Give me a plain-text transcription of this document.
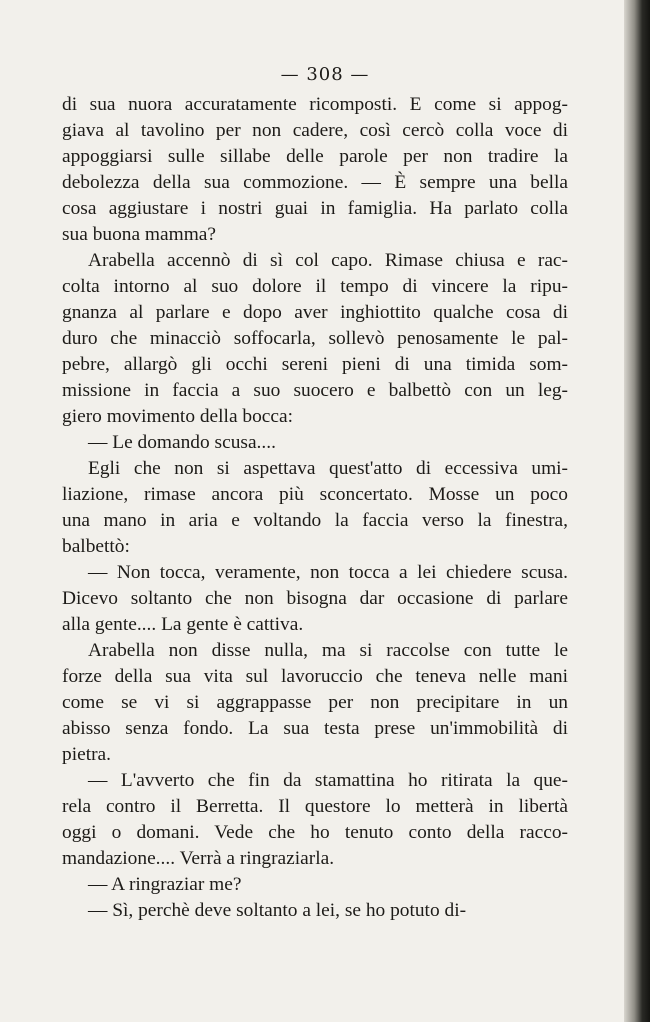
— 308 —

di sua nuora accuratamente ricomposti. E come si appog-
giava al tavolino per non cadere, così cercò colla voce di
appoggiarsi sulle sillabe delle parole per non tradire la
debolezza della sua commozione. — È sempre una bella
cosa aggiustare i nostri guai in famiglia. Ha parlato colla
sua buona mamma?

Arabella accennò di sì col capo. Rimase chiusa e rac-
colta intorno al suo dolore il tempo di vincere la ripu-
gnanza al parlare e dopo aver inghiottito qualche cosa di
duro che minacciò soffocarla, sollevò penosamente le pal-
pebre, allargò gli occhi sereni pieni di una timida som-
missione in faccia a suo suocero e balbettò con un leg-
giero movimento della bocca:

— Le domando scusa....

Egli che non si aspettava quest'atto di eccessiva umi-
liazione, rimase ancora più sconcertato. Mosse un poco
una mano in aria e voltando la faccia verso la finestra,
balbettò:

— Non tocca, veramente, non tocca a lei chiedere scusa.
Dicevo soltanto che non bisogna dar occasione di parlare
alla gente.... La gente è cattiva.

Arabella non disse nulla, ma si raccolse con tutte le
forze della sua vita sul lavoruccio che teneva nelle mani
come se vi si aggrappasse per non precipitare in un
abisso senza fondo. La sua testa prese un'immobilità di
pietra.

— L'avverto che fin da stamattina ho ritirata la que-
rela contro il Berretta. Il questore lo metterà in libertà
oggi o domani. Vede che ho tenuto conto della racco-
mandazione.... Verrà a ringraziarla.

— A ringraziar me?

— Sì, perchè deve soltanto a lei, se ho potuto di-
